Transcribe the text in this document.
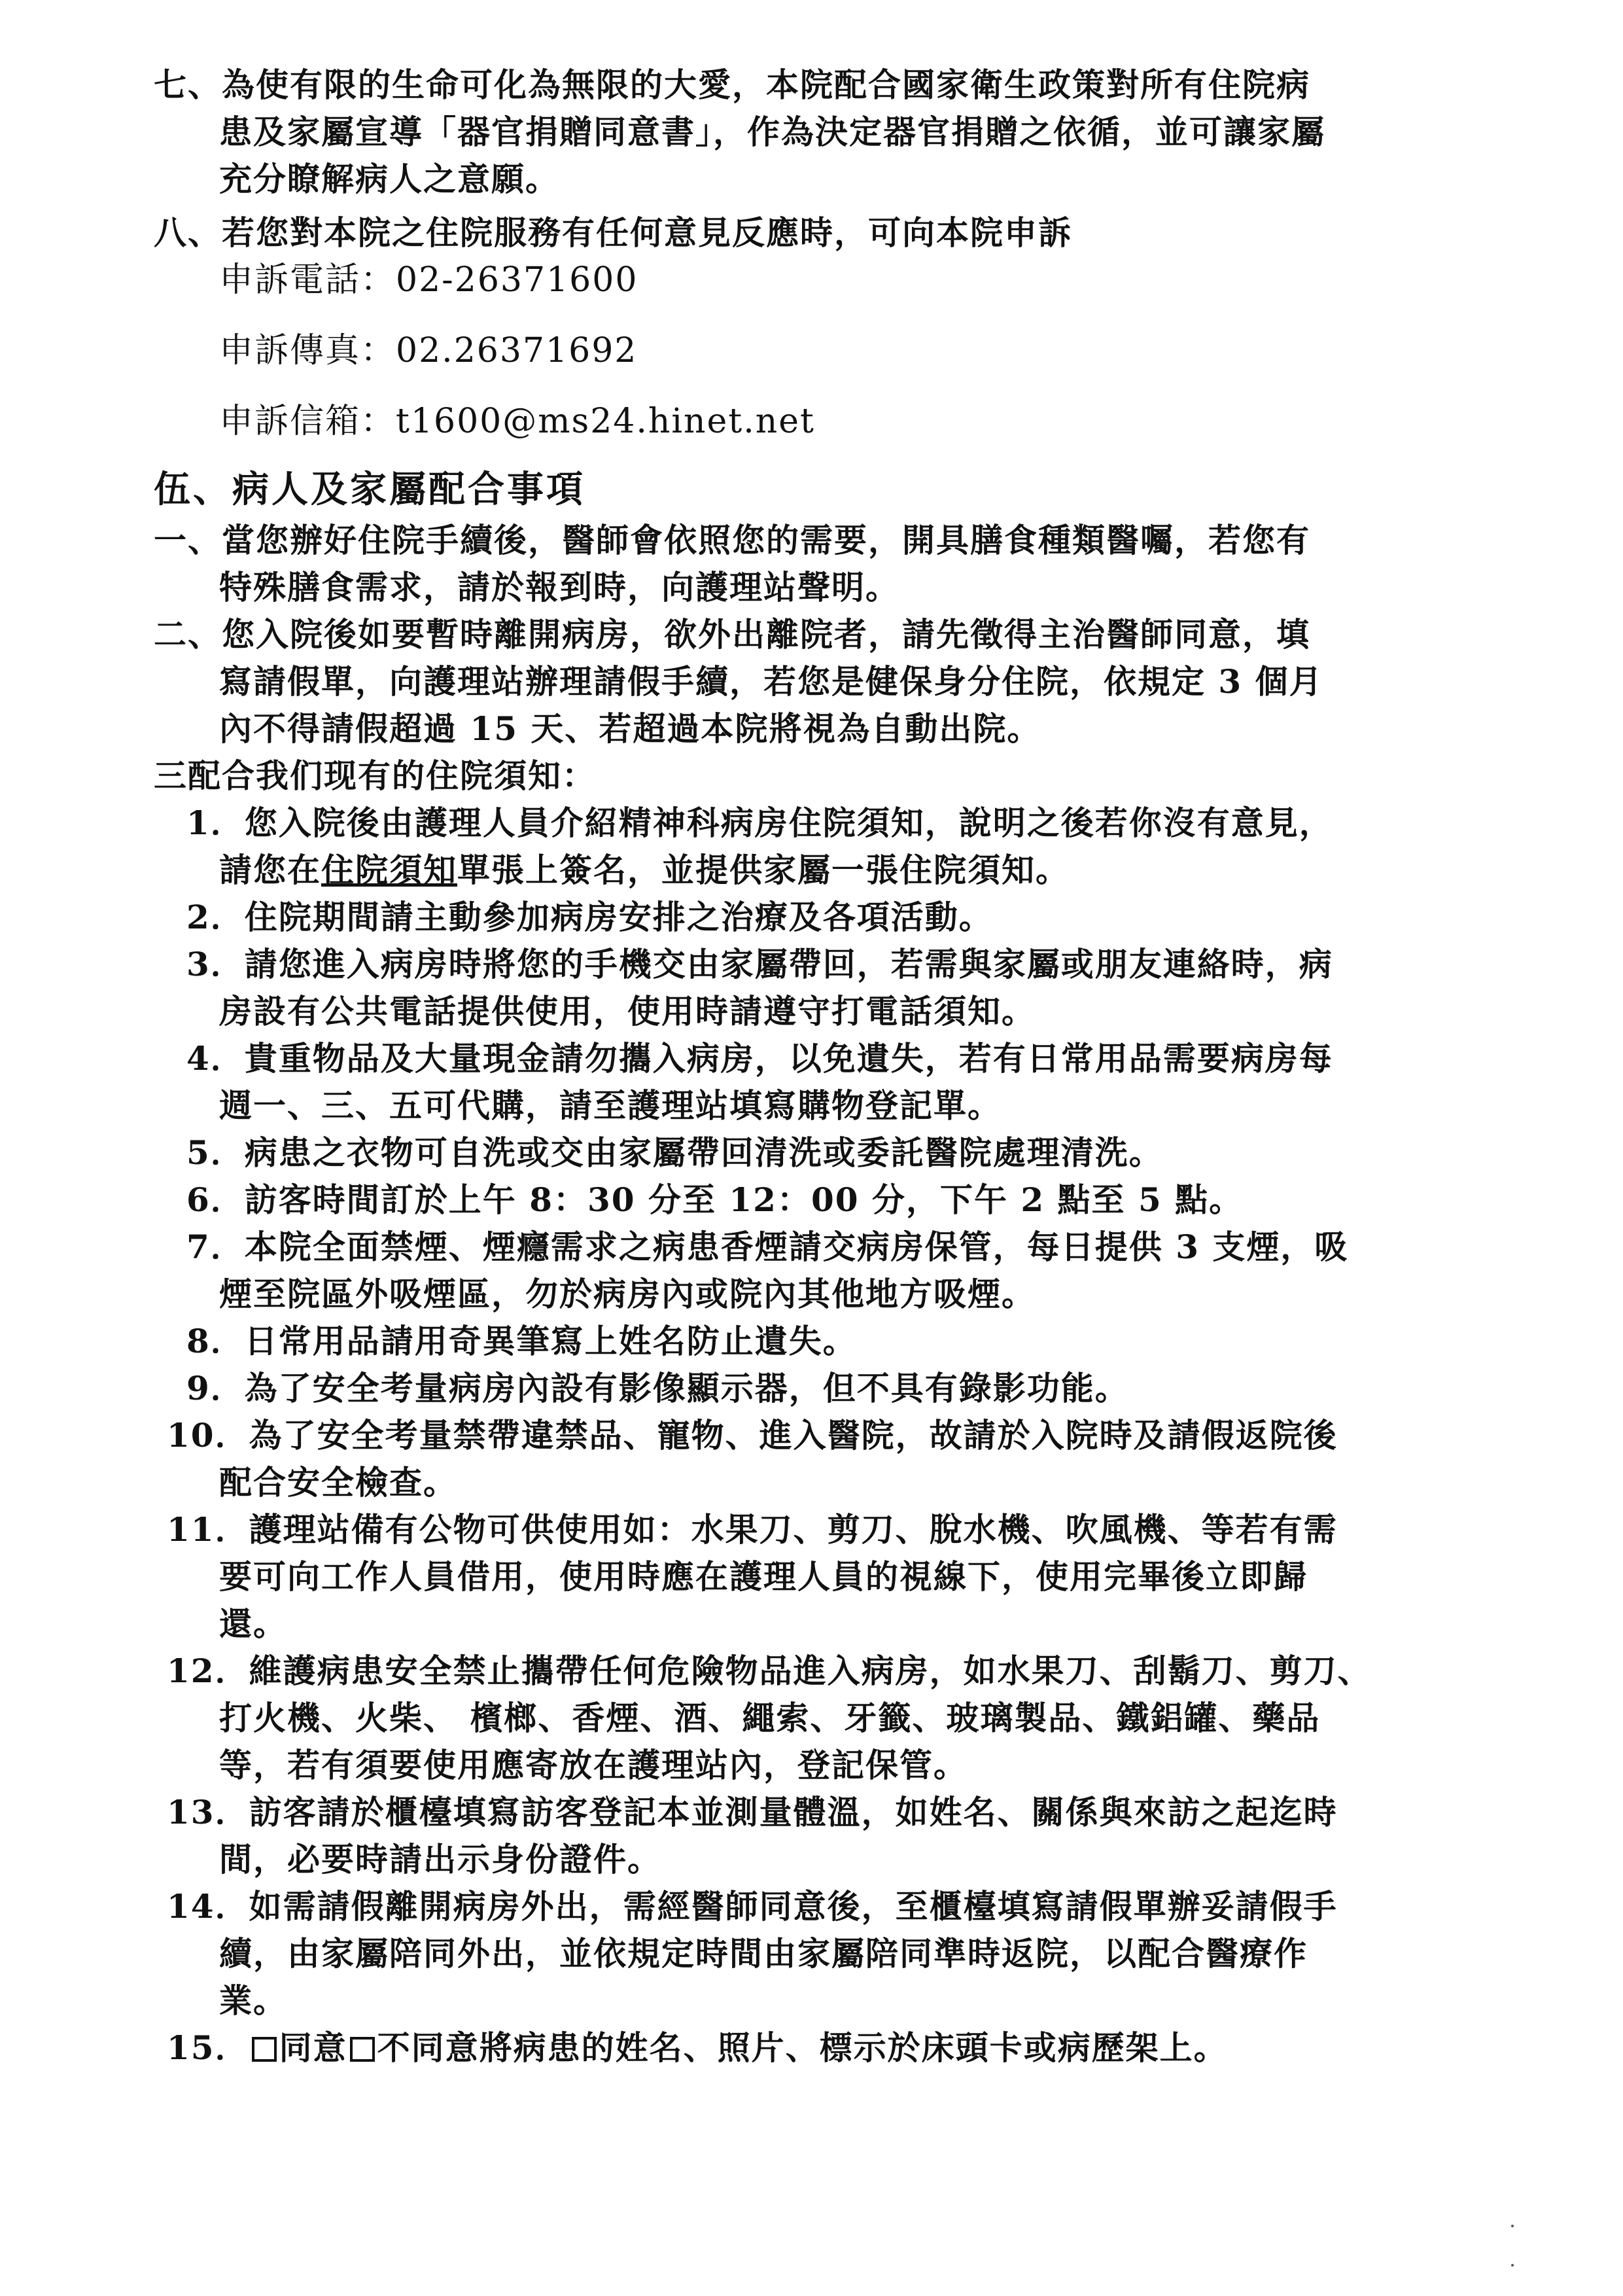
七、為使有限的生命可化為無限的大愛，本院配合國家衛生政策對所有住院病

患及家屬宣導「器官捐贈同意書」，作為決定器官捐贈之依循，並可讓家屬

充分瞭解病人之意願。

八、若您對本院之住院服務有任何意見反應時，可向本院申訴

申訴電話：02-26371600

申訴傳真：02.26371692

申訴信箱：t1600@ms24.hinet.net

伍、病人及家屬配合事項

一、當您辦好住院手續後，醫師會依照您的需要，開具膳食種類醫囑，若您有

特殊膳食需求，請於報到時，向護理站聲明。

二、您入院後如要暫時離開病房，欲外出離院者，請先徵得主治醫師同意，填

寫請假單，向護理站辦理請假手續，若您是健保身分住院，依規定 3 個月

內不得請假超過 15 天、若超過本院將視為自動出院。

三配合我们现有的住院須知：

1．您入院後由護理人員介紹精神科病房住院須知，說明之後若你沒有意見，

請您在住院須知單張上簽名，並提供家屬一張住院須知。

2．住院期間請主動參加病房安排之治療及各項活動。

3．請您進入病房時將您的手機交由家屬帶回，若需與家屬或朋友連絡時，病

房設有公共電話提供使用，使用時請遵守打電話須知。

4．貴重物品及大量現金請勿攜入病房，以免遺失，若有日常用品需要病房每

週一、三、五可代購，請至護理站填寫購物登記單。

5．病患之衣物可自洗或交由家屬帶回清洗或委託醫院處理清洗。

6．訪客時間訂於上午 8：30 分至 12：00 分，下午 2 點至 5 點。

7．本院全面禁煙、煙癮需求之病患香煙請交病房保管，每日提供 3 支煙，吸

煙至院區外吸煙區，勿於病房內或院內其他地方吸煙。

8．日常用品請用奇異筆寫上姓名防止遺失。

9．為了安全考量病房內設有影像顯示器，但不具有錄影功能。

10．為了安全考量禁帶違禁品、寵物、進入醫院，故請於入院時及請假返院後

配合安全檢查。

11．護理站備有公物可供使用如：水果刀、剪刀、脫水機、吹風機、等若有需

要可向工作人員借用，使用時應在護理人員的視線下，使用完畢後立即歸

還。

12．維護病患安全禁止攜帶任何危險物品進入病房，如水果刀、刮鬍刀、剪刀、

打火機、火柴、 檳榔、香煙、酒、繩索、牙籤、玻璃製品、鐵鋁罐、藥品

等，若有須要使用應寄放在護理站內，登記保管。

13．訪客請於櫃檯填寫訪客登記本並測量體溫，如姓名、關係與來訪之起迄時

間，必要時請出示身份證件。

14．如需請假離開病房外出，需經醫師同意後，至櫃檯填寫請假單辦妥請假手

續，由家屬陪同外出，並依規定時間由家屬陪同準時返院，以配合醫療作

業。

15． 同意 不同意將病患的姓名、照片、標示於床頭卡或病歷架上。
